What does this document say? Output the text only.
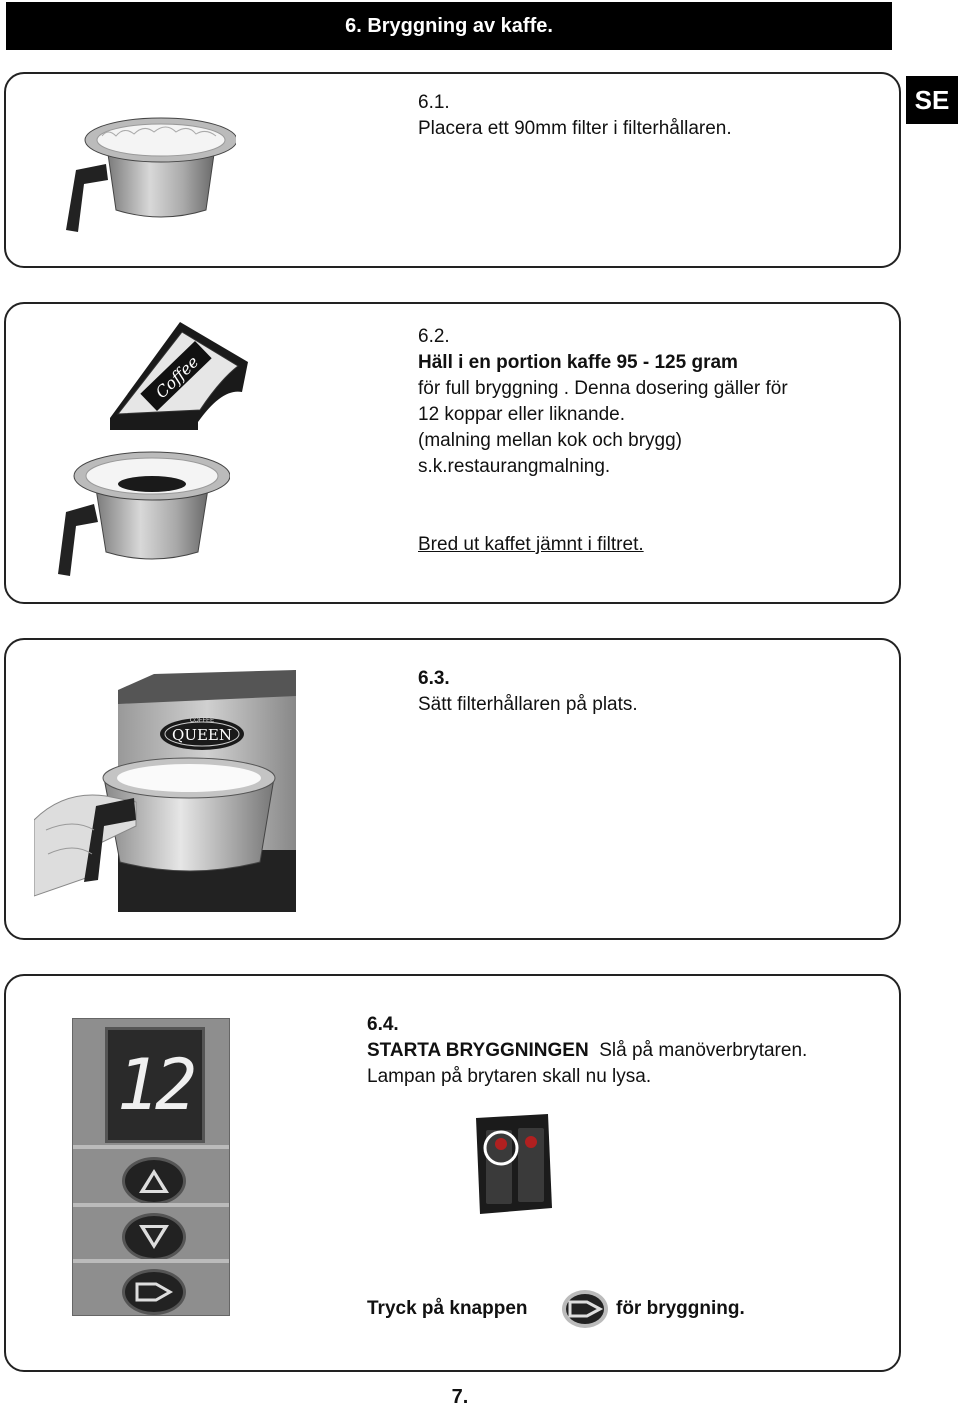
6. Bryggning av kaffe.
SE
6.1.
Placera ett 90mm filter i filterhållaren.
Coffee
6.2.
Häll i en portion kaffe 95 - 125 gram
för full bryggning . Denna dosering gäller för
12 koppar eller liknande.
(malning mellan kok och brygg)
s.k.restaurangmalning.
Bred ut kaffet jämnt i filtret.
COFFEE
QUEEN
6.3.
Sätt filterhållaren på plats.
12
6.4.
STARTA BRYGGNINGEN Slå på manöverbrytaren.
Lampan på brytaren skall nu lysa.
Tryck på knappen	för bryggning.
7.
